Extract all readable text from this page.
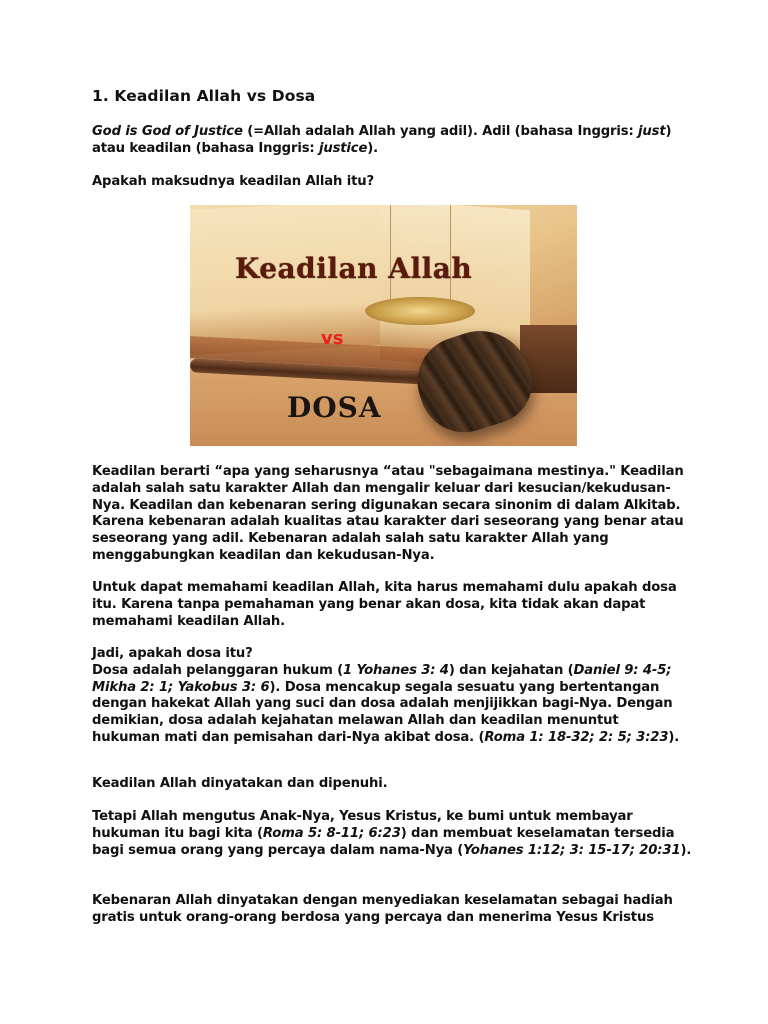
1. Keadilan Allah vs Dosa
God is God of Justice (=Allah adalah Allah yang adil). Adil (bahasa Inggris: just)
atau keadilan (bahasa Inggris: justice).
Apakah maksudnya keadilan Allah itu?
Keadilan Allah
vs
DOSA
Keadilan berarti “apa yang seharusnya “atau "sebagaimana mestinya." Keadilan
adalah salah satu karakter Allah dan mengalir keluar dari kesucian/kekudusan-
Nya. Keadilan dan kebenaran sering digunakan secara sinonim di dalam Alkitab.
Karena kebenaran adalah kualitas atau karakter dari seseorang yang benar atau
seseorang yang adil. Kebenaran adalah salah satu karakter Allah yang
menggabungkan keadilan dan kekudusan-Nya.
Untuk dapat memahami keadilan Allah, kita harus memahami dulu apakah dosa
itu. Karena tanpa pemahaman yang benar akan dosa, kita tidak akan dapat
memahami keadilan Allah.
Jadi, apakah dosa itu?
Dosa adalah pelanggaran hukum (1 Yohanes 3: 4) dan kejahatan (Daniel 9: 4-5;
Mikha 2: 1; Yakobus 3: 6). Dosa mencakup segala sesuatu yang bertentangan
dengan hakekat Allah yang suci dan dosa adalah menjijikkan bagi-Nya. Dengan
demikian, dosa adalah kejahatan melawan Allah dan keadilan menuntut
hukuman mati dan pemisahan dari-Nya akibat dosa. (Roma 1: 18-32; 2: 5; 3:23).
Keadilan Allah dinyatakan dan dipenuhi.
Tetapi Allah mengutus Anak-Nya, Yesus Kristus, ke bumi untuk membayar
hukuman itu bagi kita (Roma 5: 8-11; 6:23) dan membuat keselamatan tersedia
bagi semua orang yang percaya dalam nama-Nya (Yohanes 1:12; 3: 15-17; 20:31).
Kebenaran Allah dinyatakan dengan menyediakan keselamatan sebagai hadiah
gratis untuk orang-orang berdosa yang percaya dan menerima Yesus Kristus
